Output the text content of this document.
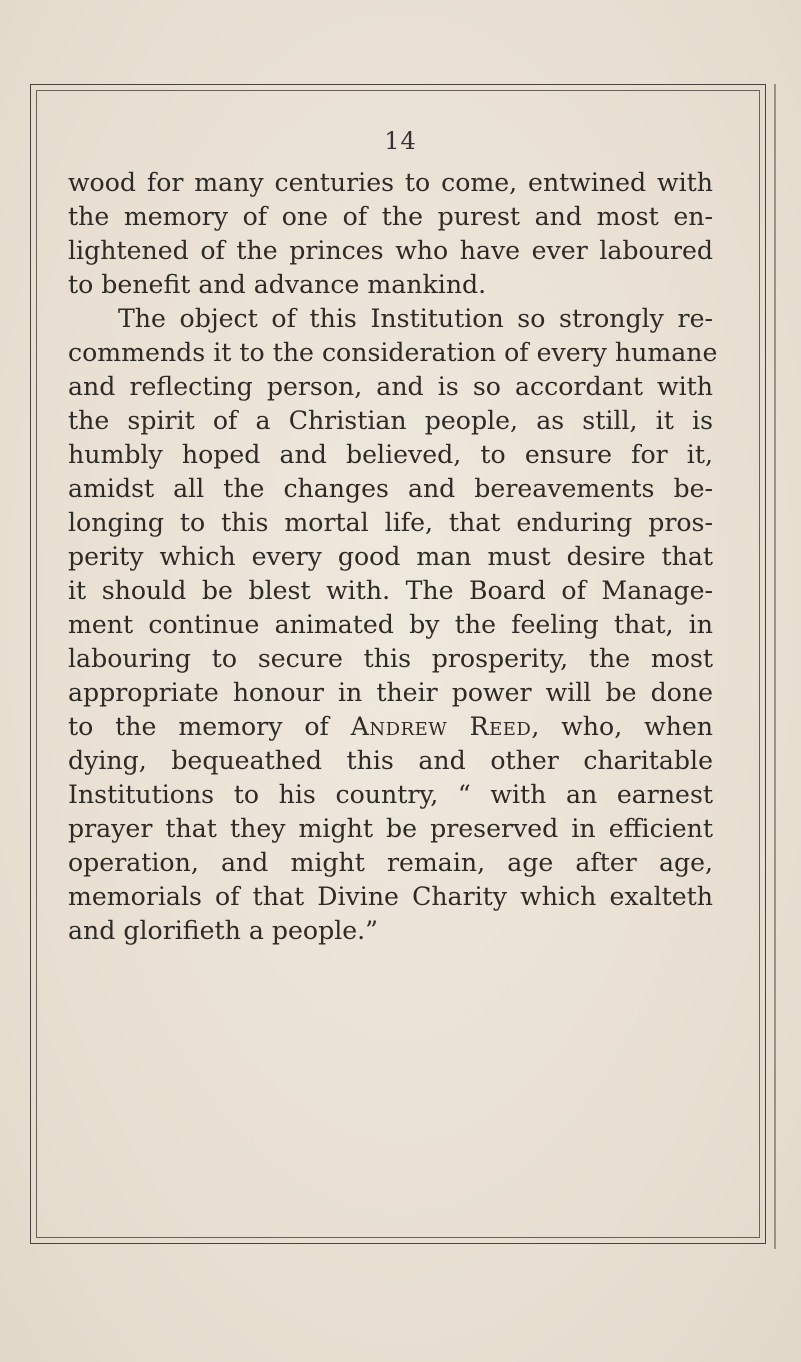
14
wood for many centuries to come, entwined with
the memory of one of the purest and most en-
lightened of the princes who have ever laboured
to benefit and advance mankind.
The object of this Institution so strongly re-
commends it to the consideration of every humane
and reflecting person, and is so accordant with
the spirit of a Christian people, as still, it is
humbly hoped and believed, to ensure for it,
amidst all the changes and bereavements be-
longing to this mortal life, that enduring pros-
perity which every good man must desire that
it should be blest with. The Board of Manage-
ment continue animated by the feeling that, in
labouring to secure this prosperity, the most
appropriate honour in their power will be done
to the memory of Andrew Reed, who, when
dying, bequeathed this and other charitable
Institutions to his country, “ with an earnest
prayer that they might be preserved in efficient
operation, and might remain, age after age,
memorials of that Divine Charity which exalteth
and glorifieth a people.”
